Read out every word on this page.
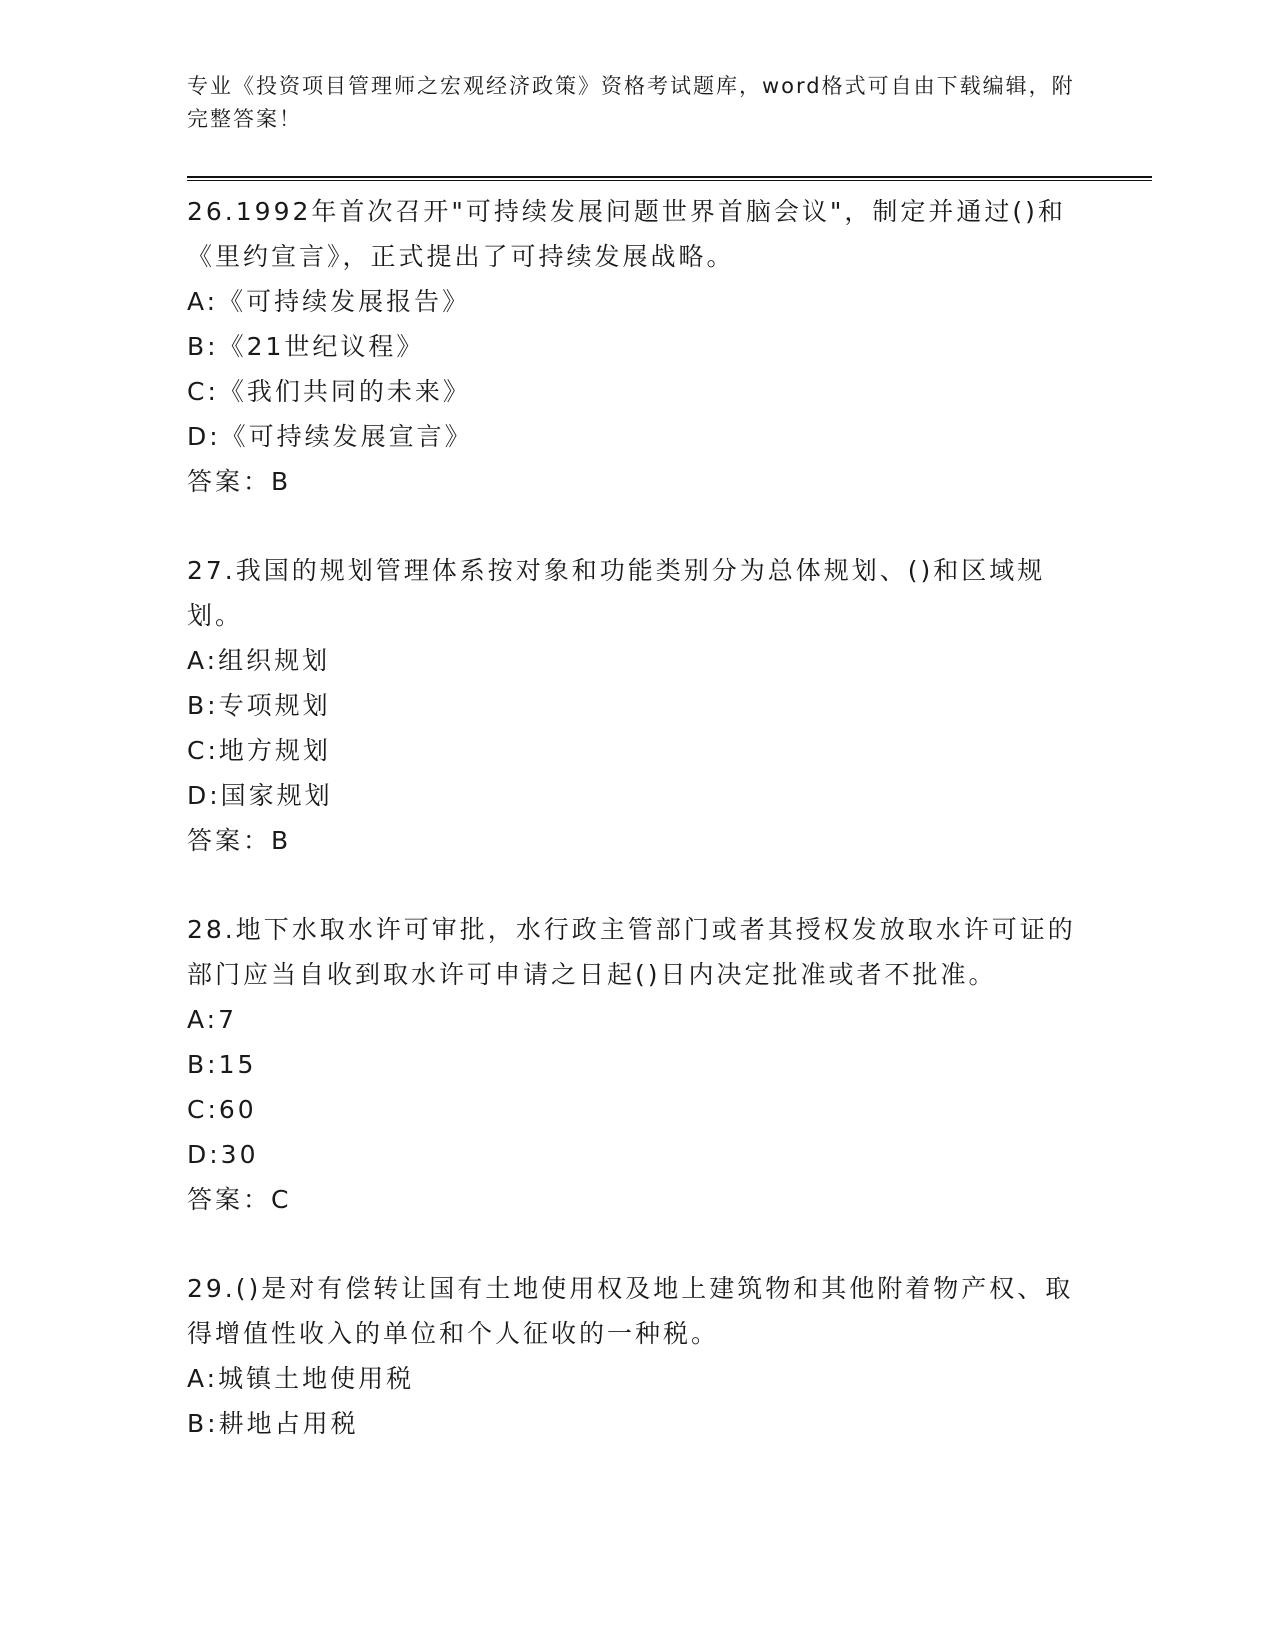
专业《投资项目管理师之宏观经济政策》资格考试题库，word格式可自由下载编辑，附完整答案！

26.1992年首次召开"可持续发展问题世界首脑会议"，制定并通过()和《里约宣言》，正式提出了可持续发展战略。

A:《可持续发展报告》

B:《21世纪议程》

C:《我们共同的未来》

D:《可持续发展宣言》

答案：B

27.我国的规划管理体系按对象和功能类别分为总体规划、()和区域规划。

A:组织规划

B:专项规划

C:地方规划

D:国家规划

答案：B

28.地下水取水许可审批，水行政主管部门或者其授权发放取水许可证的部门应当自收到取水许可申请之日起()日内决定批准或者不批准。

A:7

B:15

C:60

D:30

答案：C

29.()是对有偿转让国有土地使用权及地上建筑物和其他附着物产权、取得增值性收入的单位和个人征收的一种税。

A:城镇土地使用税

B:耕地占用税
